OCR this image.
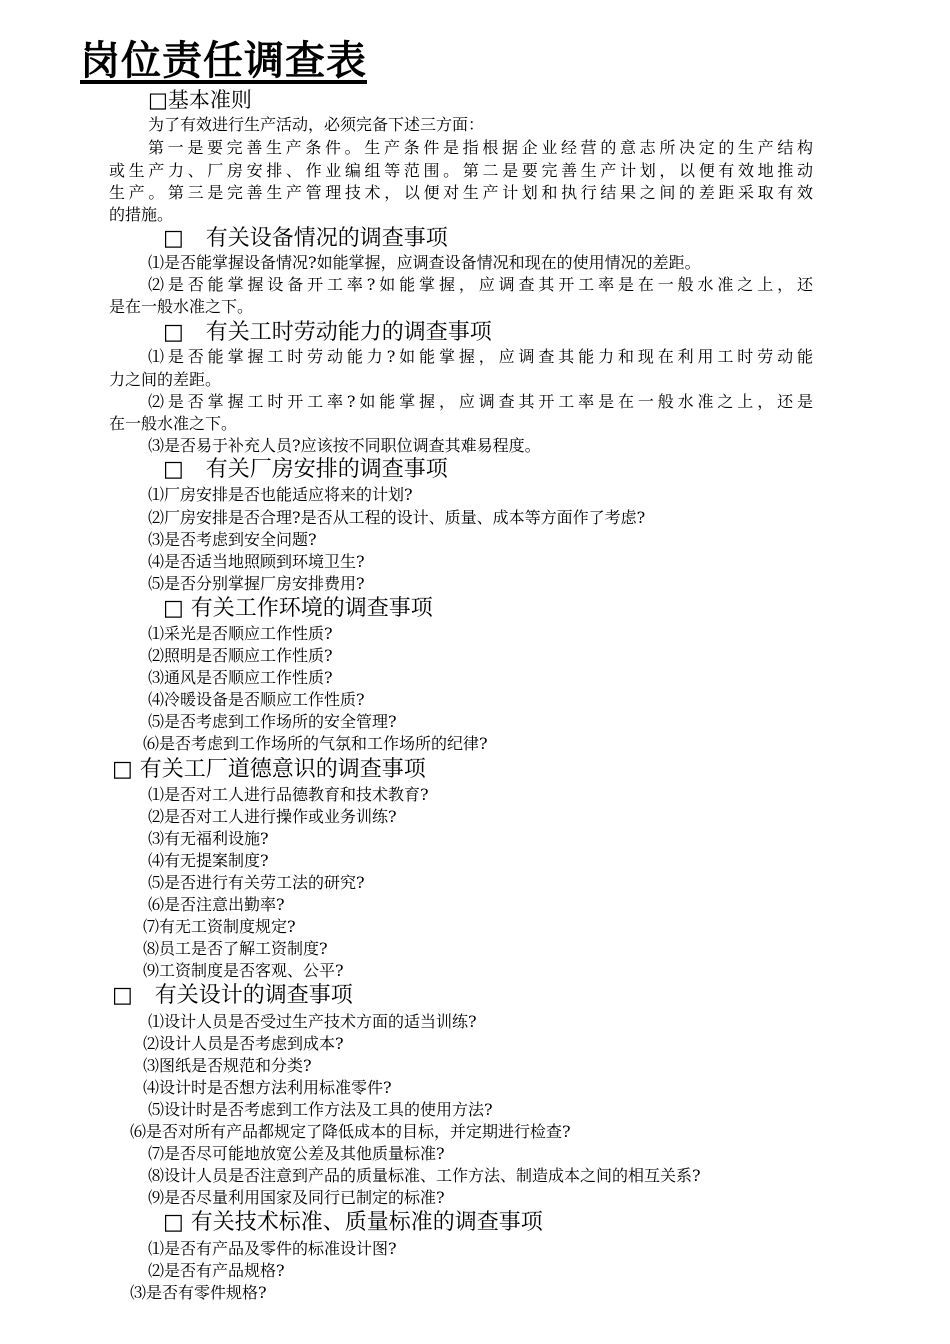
岗位责任调查表
□基本准则
为了有效进行生产活动，必须完备下述三方面：
第一是要完善生产条件。生产条件是指根据企业经营的意志所决定的生产结构
或生产力、厂房安排、作业编组等范围。第二是要完善生产计划，以便有效地推动
生产。第三是完善生产管理技术，以便对生产计划和执行结果之间的差距采取有效
的措施。
□　有关设备情况的调查事项
⑴是否能掌握设备情况?如能掌握，应调查设备情况和现在的使用情况的差距。
⑵是否能掌握设备开工率?如能掌握，应调查其开工率是在一般水准之上，还
是在一般水准之下。
□　有关工时劳动能力的调查事项
⑴是否能掌握工时劳动能力?如能掌握，应调查其能力和现在利用工时劳动能
力之间的差距。
⑵是否掌握工时开工率?如能掌握，应调查其开工率是在一般水准之上，还是
在一般水准之下。
⑶是否易于补充人员?应该按不同职位调查其难易程度。
□　有关厂房安排的调查事项
⑴厂房安排是否也能适应将来的计划?
⑵厂房安排是否合理?是否从工程的设计、质量、成本等方面作了考虑?
⑶是否考虑到安全问题?
⑷是否适当地照顾到环境卫生?
⑸是否分别掌握厂房安排费用?
□ 有关工作环境的调查事项
⑴采光是否顺应工作性质?
⑵照明是否顺应工作性质?
⑶通风是否顺应工作性质?
⑷冷暖设备是否顺应工作性质?
⑸是否考虑到工作场所的安全管理?
⑹是否考虑到工作场所的气氛和工作场所的纪律?
□ 有关工厂道德意识的调查事项
⑴是否对工人进行品德教育和技术教育?
⑵是否对工人进行操作或业务训练?
⑶有无福利设施?
⑷有无提案制度?
⑸是否进行有关劳工法的研究?
⑹是否注意出勤率?
⑺有无工资制度规定?
⑻员工是否了解工资制度?
⑼工资制度是否客观、公平?
□　有关设计的调查事项
⑴设计人员是否受过生产技术方面的适当训练?
⑵设计人员是否考虑到成本?
⑶图纸是否规范和分类?
⑷设计时是否想方法利用标准零件?
⑸设计时是否考虑到工作方法及工具的使用方法?
⑹是否对所有产品都规定了降低成本的目标，并定期进行检查?
⑺是否尽可能地放宽公差及其他质量标准?
⑻设计人员是否注意到产品的质量标准、工作方法、制造成本之间的相互关系?
⑼是否尽量利用国家及同行已制定的标准?
□ 有关技术标准、质量标准的调查事项
⑴是否有产品及零件的标准设计图?
⑵是否有产品规格?
⑶是否有零件规格?
